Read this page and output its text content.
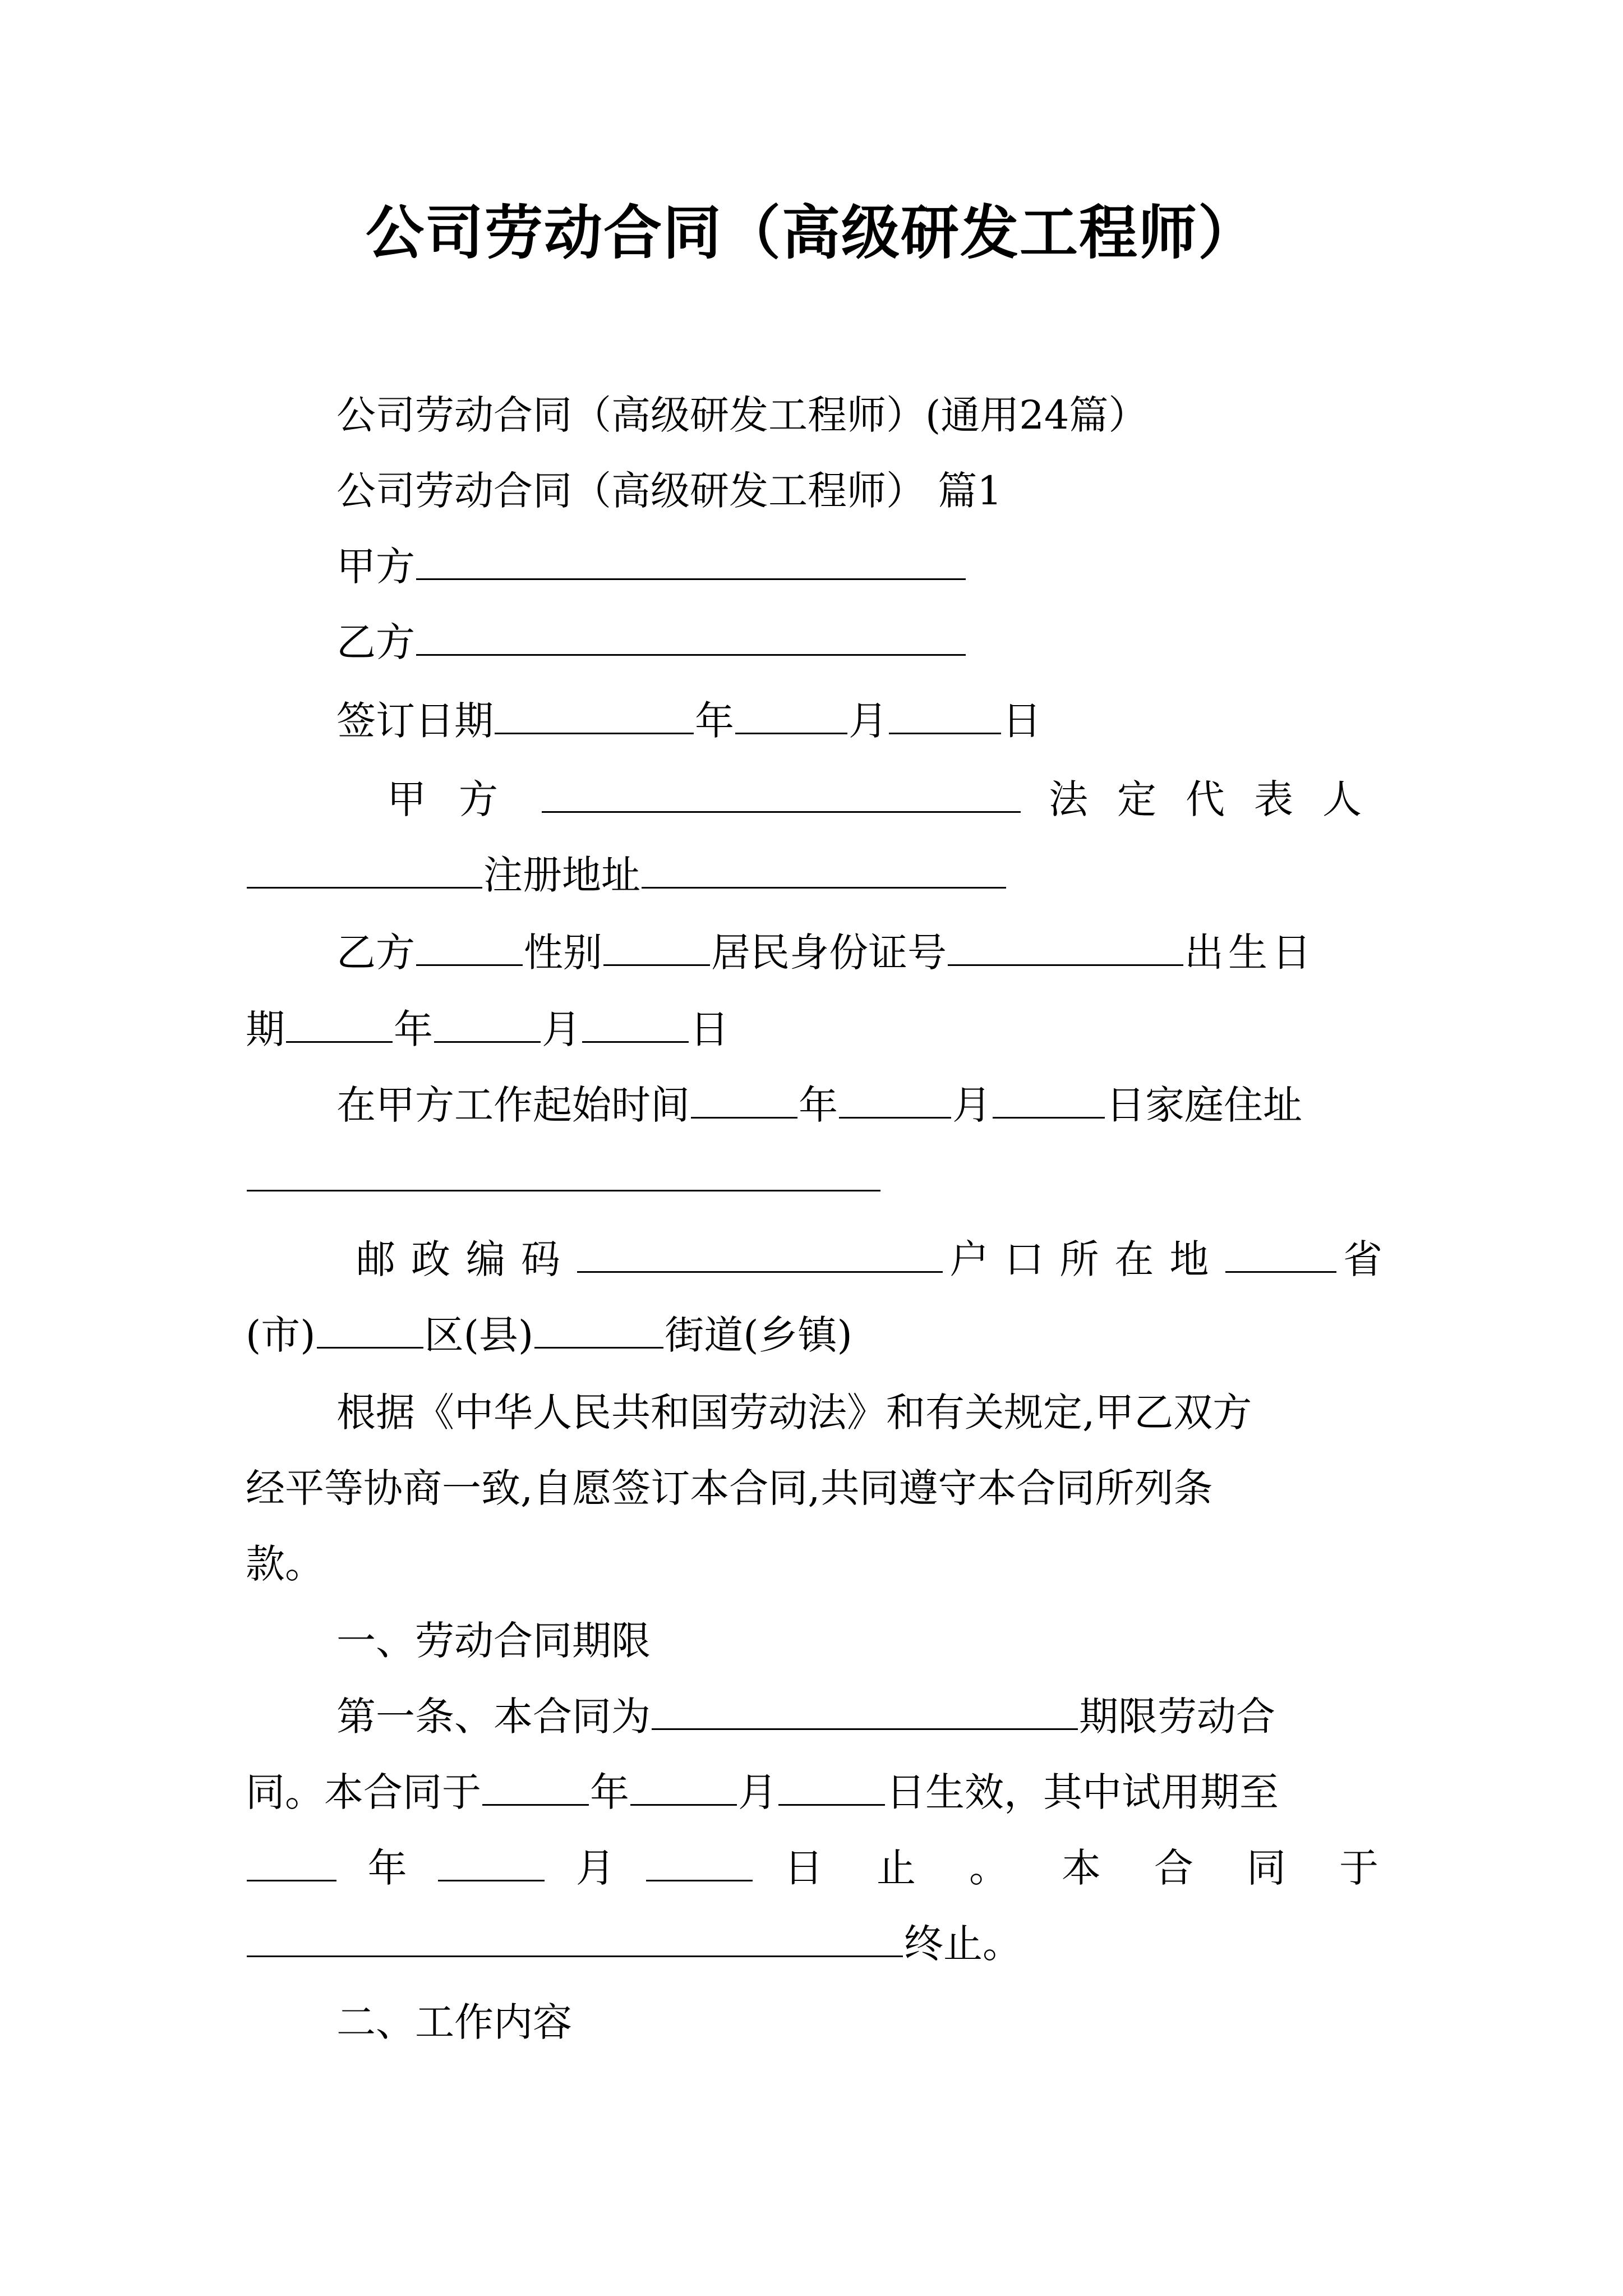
公司劳动合同（高级研发工程师）
公司劳动合同（高级研发工程师）(通用24篇）
公司劳动合同（高级研发工程师） 篇1
甲方
乙方
签订日期	年	月	日
甲方	法定代表人
注册地址
乙方	性别	居民身份证号	出生日
期	年	月	日
在甲方工作起始时间	年	月	日家庭住址
邮政编码	户口所在地	省
(市)	区(县)	街道(乡镇)
根据《中华人民共和国劳动法》和有关规定,甲乙双方
经平等协商一致,自愿签订本合同,共同遵守本合同所列条
款。
一、劳动合同期限
第一条、本合同为	期限劳动合
同。本合同于	年	月	日生效，其中试用期至
年	月	日止。本合同于
终止。
二、工作内容
